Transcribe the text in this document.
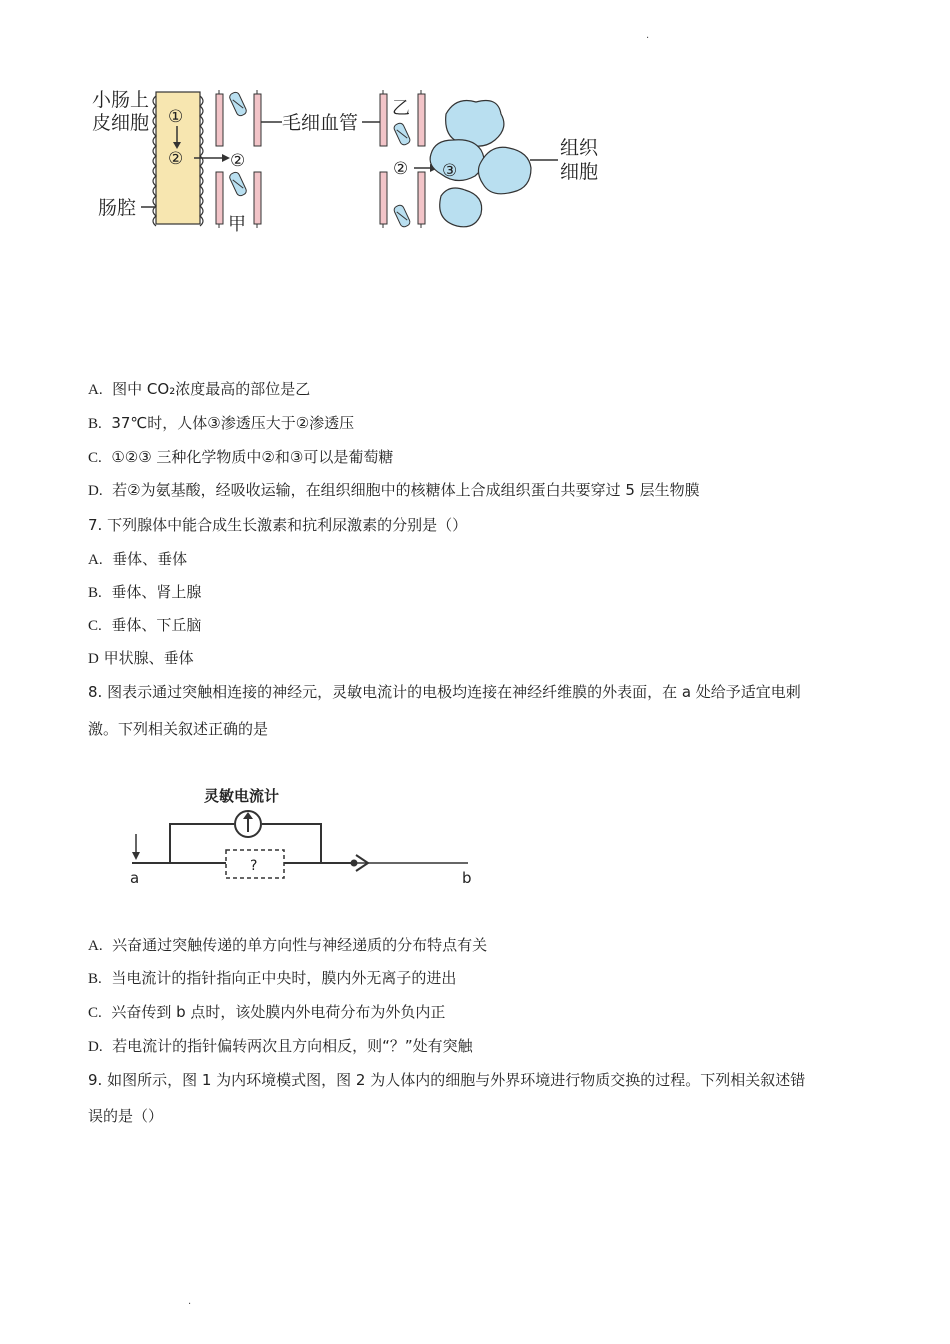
.
小肠上
皮细胞
肠腔
①
②	②
甲
毛细血管
乙
② ③
组织
细胞
A. 图中 CO₂浓度最高的部位是乙
B. 37℃时，人体③渗透压大于②渗透压
C. ①②③ 三种化学物质中②和③可以是葡萄糖
D. 若②为氨基酸，经吸收运输，在组织细胞中的核糖体上合成组织蛋白共要穿过 5 层生物膜
7. 下列腺体中能合成生长激素和抗利尿激素的分别是（）
A. 垂体、垂体
B. 垂体、肾上腺
C. 垂体、下丘脑
D 甲状腺、垂体
8. 图表示通过突触相连接的神经元，灵敏电流计的电极均连接在神经纤维膜的外表面，在 a 处给予适宜电刺
激。下列相关叙述正确的是
灵敏电流计
?
a	b
A. 兴奋通过突触传递的单方向性与神经递质的分布特点有关
B. 当电流计的指针指向正中央时，膜内外无离子的进出
C. 兴奋传到 b 点时，该处膜内外电荷分布为外负内正
D. 若电流计的指针偏转两次且方向相反，则“？”处有突触
9. 如图所示，图 1 为内环境模式图，图 2 为人体内的细胞与外界环境进行物质交换的过程。下列相关叙述错
误的是（）
.
